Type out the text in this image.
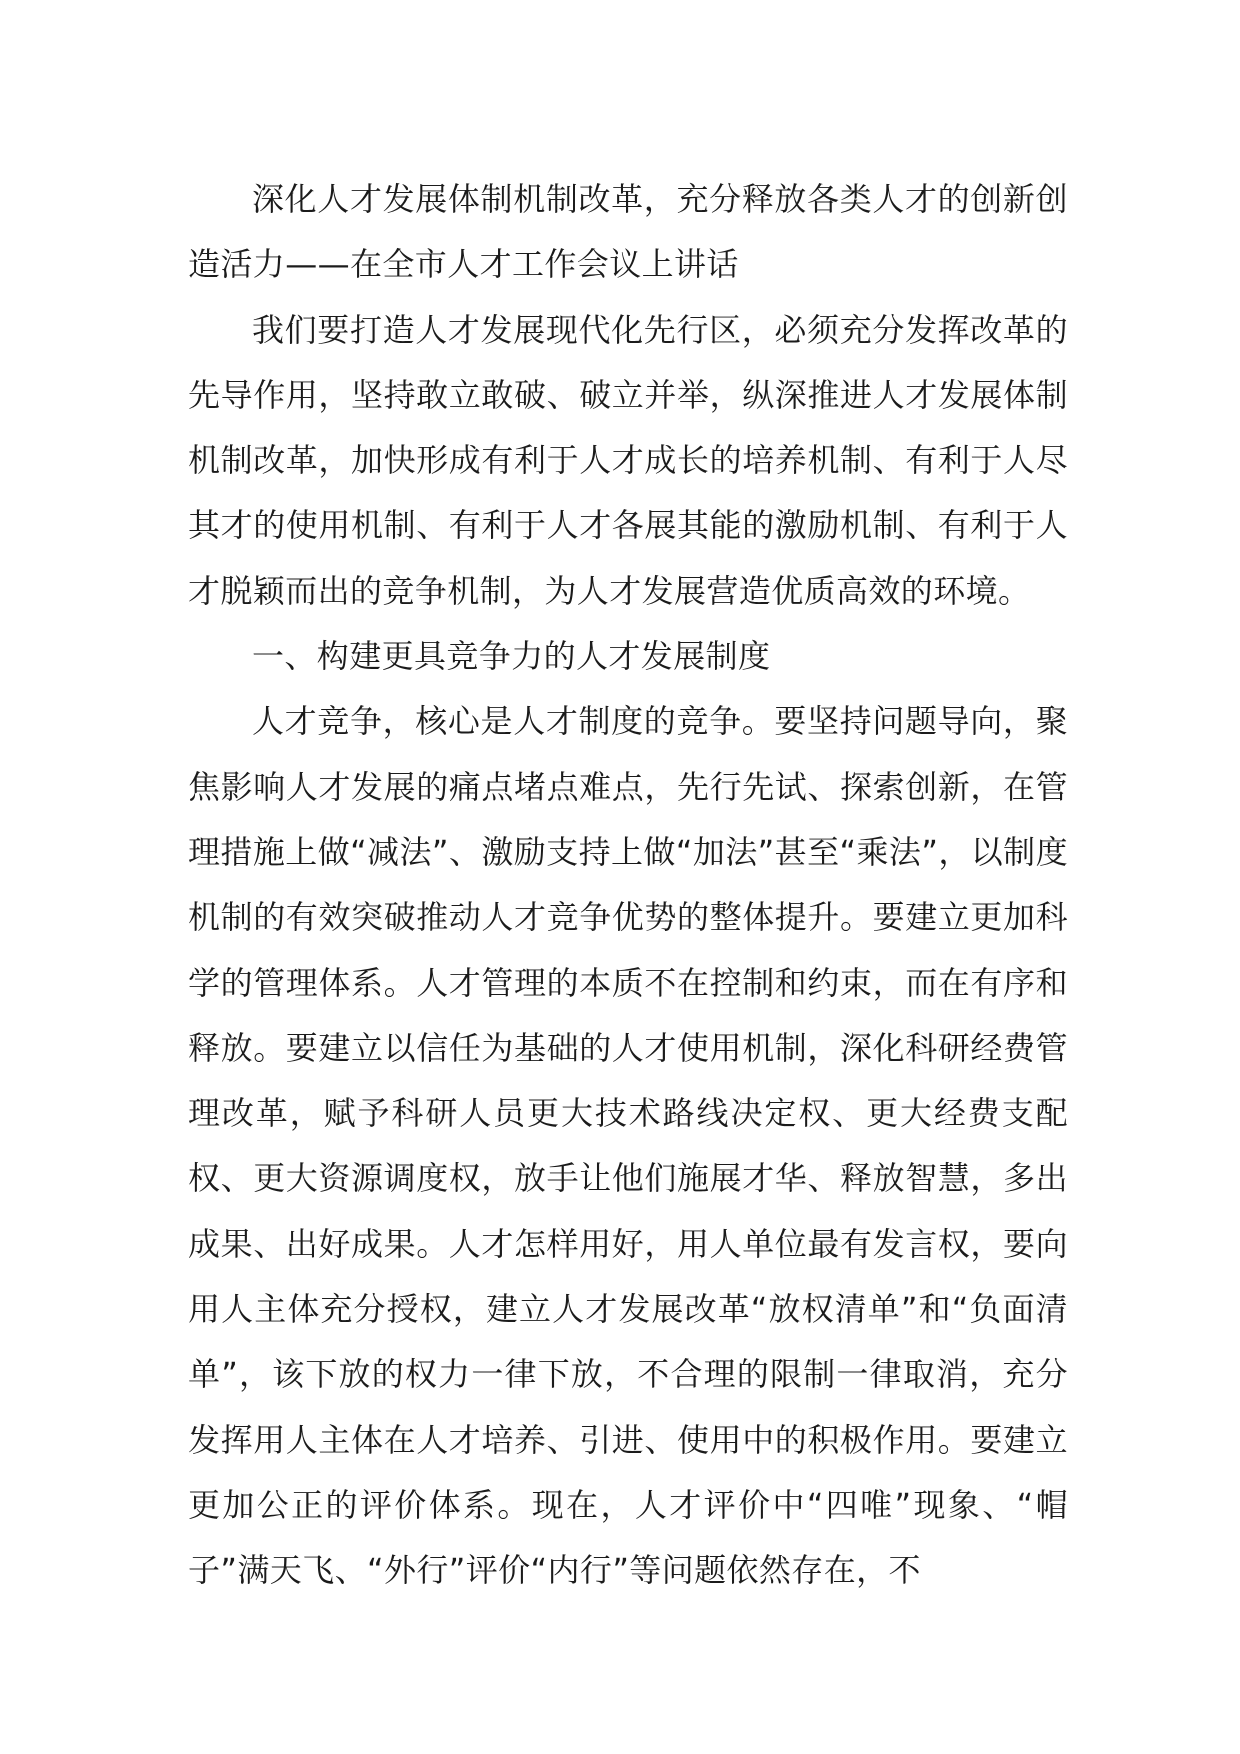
深化人才发展体制机制改革，充分释放各类人才的创新创造活力——在全市人才工作会议上讲话

我们要打造人才发展现代化先行区，必须充分发挥改革的先导作用，坚持敢立敢破、破立并举，纵深推进人才发展体制机制改革，加快形成有利于人才成长的培养机制、有利于人尽其才的使用机制、有利于人才各展其能的激励机制、有利于人才脱颖而出的竞争机制，为人才发展营造优质高效的环境。

一、构建更具竞争力的人才发展制度

人才竞争，核心是人才制度的竞争。要坚持问题导向，聚焦影响人才发展的痛点堵点难点，先行先试、探索创新，在管理措施上做“减法”、激励支持上做“加法”甚至“乘法”，以制度机制的有效突破推动人才竞争优势的整体提升。要建立更加科学的管理体系。人才管理的本质不在控制和约束，而在有序和释放。要建立以信任为基础的人才使用机制，深化科研经费管理改革，赋予科研人员更大技术路线决定权、更大经费支配权、更大资源调度权，放手让他们施展才华、释放智慧，多出成果、出好成果。人才怎样用好，用人单位最有发言权，要向用人主体充分授权，建立人才发展改革“放权清单”和“负面清单”，该下放的权力一律下放，不合理的限制一律取消，充分发挥用人主体在人才培养、引进、使用中的积极作用。要建立更加公正的评价体系。现在，人才评价中“四唯”现象、“帽子”满天飞、“外行”评价“内行”等问题依然存在，不
